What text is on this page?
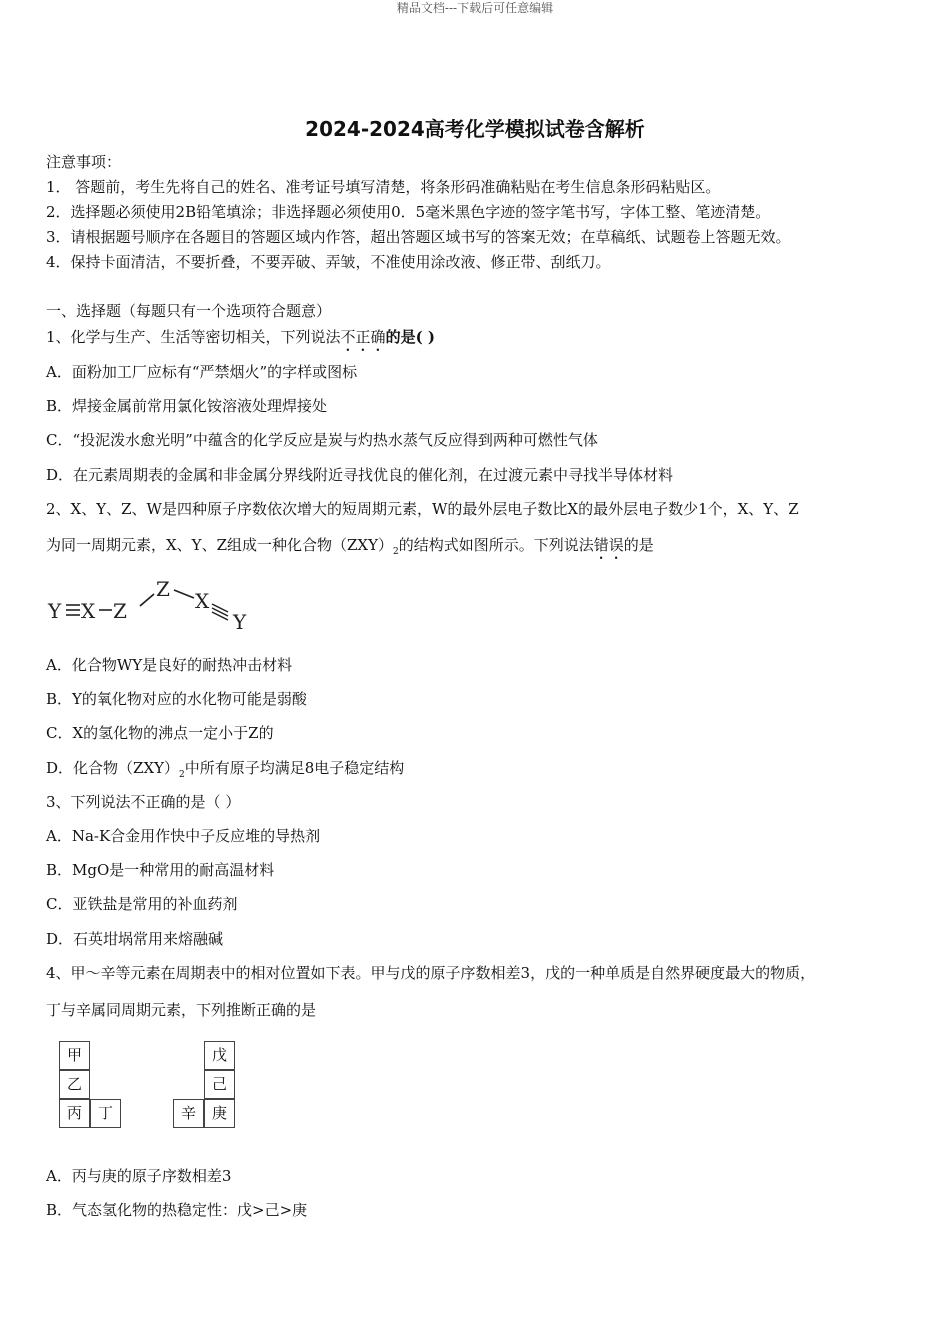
精品文档---下载后可任意编辑
2024-2024高考化学模拟试卷含解析
注意事项：
1． 答题前，考生先将自己的姓名、准考证号填写清楚，将条形码准确粘贴在考生信息条形码粘贴区。
2．选择题必须使用2B铅笔填涂；非选择题必须使用0．5毫米黑色字迹的签字笔书写，字体工整、笔迹清楚。
3．请根据题号顺序在各题目的答题区域内作答，超出答题区域书写的答案无效；在草稿纸、试题卷上答题无效。
4．保持卡面清洁，不要折叠，不要弄破、弄皱，不准使用涂改液、修正带、刮纸刀。
一、选择题（每题只有一个选项符合题意）
1、化学与生产、生活等密切相关，下列说法不正确的是( )
A．面粉加工厂应标有“严禁烟火”的字样或图标
B．焊接金属前常用氯化铵溶液处理焊接处
C．“投泥泼水愈光明”中蕴含的化学反应是炭与灼热水蒸气反应得到两种可燃性气体
D．在元素周期表的金属和非金属分界线附近寻找优良的催化剂，在过渡元素中寻找半导体材料
2、X、Y、Z、W是四种原子序数依次增大的短周期元素，W的最外层电子数比X的最外层电子数少1个，X、Y、Z
为同一周期元素，X、Y、Z组成一种化合物$(ZXY)_2$的结构式如图所示。下列说法错误的是
Y X Z
Z X
Y
A．化合物WY是良好的耐热冲击材料
B．Y的氧化物对应的水化物可能是弱酸
C．X的氢化物的沸点一定小于Z的
D．化合物$(ZXY)_2$中所有原子均满足8电子稳定结构
3、下列说法不正确的是（ ）
A．Na-K合金用作快中子反应堆的导热剂
B．MgO是一种常用的耐高温材料
C．亚铁盐是常用的补血药剂
D．石英坩埚常用来熔融碱
4、甲～辛等元素在周期表中的相对位置如下表。甲与戊的原子序数相差3，戊的一种单质是自然界硬度最大的物质，
丁与辛属同周期元素，下列推断正确的是
甲
乙
丙	丁
戊
己
辛	庚
A．丙与庚的原子序数相差3
B．气态氢化物的热稳定性：戊>己>庚
